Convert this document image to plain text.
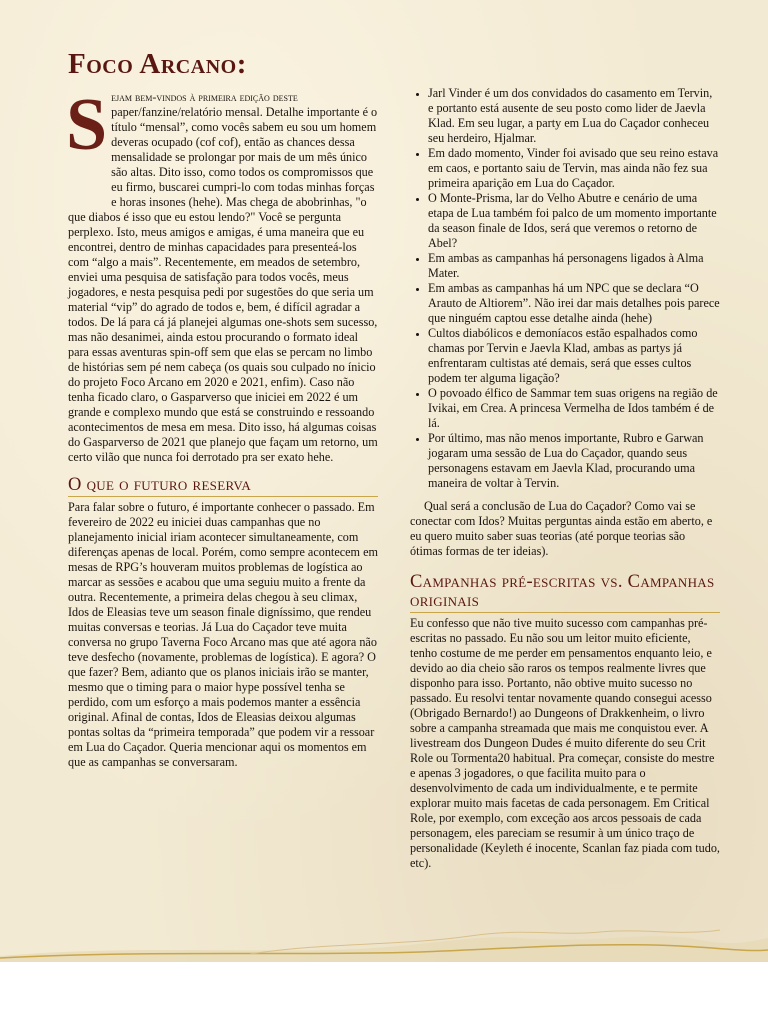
Foco Arcano:

Sejam bem-vindos à primeira edição deste paper/fanzine/relatório mensal. Detalhe importante é o título “mensal”, como vocês sabem eu sou um homem deveras ocupado (cof cof), então as chances dessa mensalidade se prolongar por mais de um mês único são altas. Dito isso, como todos os compromissos que eu firmo, buscarei cumpri-lo com todas minhas forças e horas insones (hehe). Mas chega de abobrinhas, "o que diabos é isso que eu estou lendo?" Você se pergunta perplexo. Isto, meus amigos e amigas, é uma maneira que eu encontrei, dentro de minhas capacidades para presenteá-los com “algo a mais”. Recentemente, em meados de setembro, enviei uma pesquisa de satisfação para todos vocês, meus jogadores, e nesta pesquisa pedi por sugestões do que seria um material “vip” do agrado de todos e, bem, é difícil agradar a todos. De lá para cá já planejei algumas one-shots sem sucesso, mas não desanimei, ainda estou procurando o formato ideal para essas aventuras spin-off sem que elas se percam no limbo de histórias sem pé nem cabeça (os quais sou culpado no ínicio do projeto Foco Arcano em 2020 e 2021, enfim). Caso não tenha ficado claro, o Gasparverso que iniciei em 2022 é um grande e complexo mundo que está se construindo e ressoando acontecimentos de mesa em mesa. Dito isso, há algumas coisas do Gasparverso de 2021 que planejo que façam um retorno, um certo vilão que nunca foi derrotado pra ser exato hehe.

O que o futuro reserva

Para falar sobre o futuro, é importante conhecer o passado. Em fevereiro de 2022 eu iniciei duas campanhas que no planejamento inicial iriam acontecer simultaneamente, com diferenças apenas de local. Porém, como sempre acontecem em mesas de RPG’s houveram muitos problemas de logística ao marcar as sessões e acabou que uma seguiu muito a frente da outra. Recentemente, a primeira delas chegou à seu climax, Idos de Eleasias teve um season finale digníssimo, que rendeu muitas conversas e teorias. Já Lua do Caçador teve muita conversa no grupo Taverna Foco Arcano mas que até agora não teve desfecho (novamente, problemas de logística). E agora? O que fazer? Bem, adianto que os planos iniciais irão se manter, mesmo que o timing para o maior hype possível tenha se perdido, com um esforço a mais podemos manter a essência original. Afinal de contas, Idos de Eleasias deixou algumas pontas soltas da “primeira temporada” que podem vir a ressoar em Lua do Caçador. Queria mencionar aqui os momentos em que as campanhas se conversaram.

• Jarl Vinder é um dos convidados do casamento em Tervin, e portanto está ausente de seu posto como lider de Jaevla Klad. Em seu lugar, a party em Lua do Caçador conheceu seu herdeiro, Hjalmar.
• Em dado momento, Vinder foi avisado que seu reino estava em caos, e portanto saiu de Tervin, mas ainda não fez sua primeira aparição em Lua do Caçador.
• O Monte-Prisma, lar do Velho Abutre e cenário de uma etapa de Lua também foi palco de um momento importante da season finale de Idos, será que veremos o retorno de Abel?
• Em ambas as campanhas há personagens ligados à Alma Mater.
• Em ambas as campanhas há um NPC que se declara “O Arauto de Altiorem”. Não irei dar mais detalhes pois parece que ninguém captou esse detalhe ainda (hehe)
• Cultos diabólicos e demoníacos estão espalhados como chamas por Tervin e Jaevla Klad, ambas as partys já enfrentaram cultistas até demais, será que esses cultos podem ter alguma ligação?
• O povoado élfico de Sammar tem suas origens na região de Ivikai, em Crea. A princesa Vermelha de Idos também é de lá.
• Por último, mas não menos importante, Rubro e Garwan jogaram uma sessão de Lua do Caçador, quando seus personagens estavam em Jaevla Klad, procurando uma maneira de voltar à Tervin.

Qual será a conclusão de Lua do Caçador? Como vai se conectar com Idos? Muitas perguntas ainda estão em aberto, e eu quero muito saber suas teorias (até porque teorias são ótimas formas de ter ideias).

Campanhas pré-escritas vs. Campanhas originais

Eu confesso que não tive muito sucesso com campanhas pré-escritas no passado. Eu não sou um leitor muito eficiente, tenho costume de me perder em pensamentos enquanto leio, e devido ao dia cheio são raros os tempos realmente livres que disponho para isso. Portanto, não obtive muito sucesso no passado. Eu resolvi tentar novamente quando consegui acesso (Obrigado Bernardo!) ao Dungeons of Drakkenheim, o livro sobre a campanha streamada que mais me conquistou ever. A livestream dos Dungeon Dudes é muito diferente do seu Crit Role ou Tormenta20 habitual. Pra começar, consiste do mestre e apenas 3 jogadores, o que facilita muito para o desenvolvimento de cada um individualmente, e te permite explorar muito mais facetas de cada personagem. Em Critical Role, por exemplo, com exceção aos arcos pessoais de cada personagem, eles pareciam se resumir à um único traço de personalidade (Keyleth é inocente, Scanlan faz piada com tudo, etc).
